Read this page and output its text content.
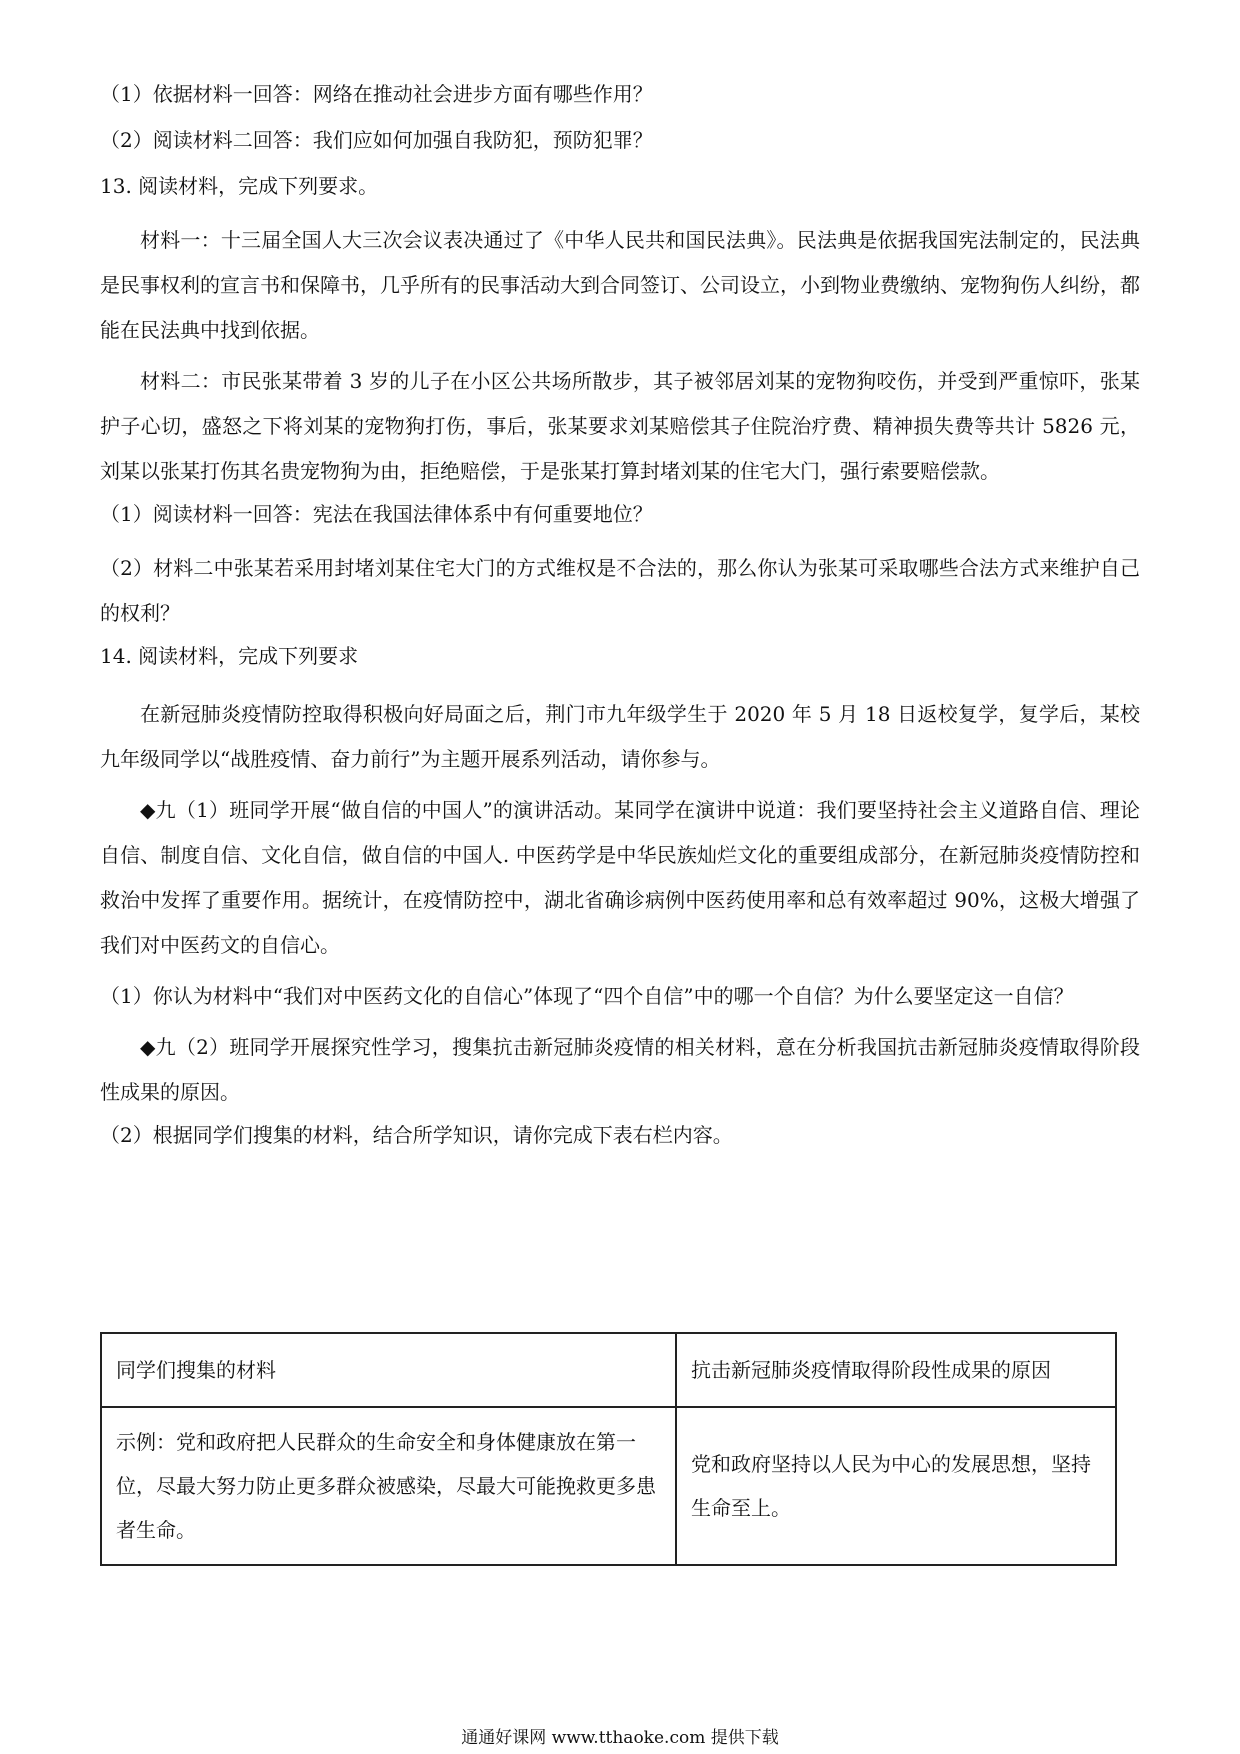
（1）依据材料一回答：网络在推动社会进步方面有哪些作用？

（2）阅读材料二回答：我们应如何加强自我防犯，预防犯罪？

13. 阅读材料，完成下列要求。

材料一：十三届全国人大三次会议表决通过了《中华人民共和国民法典》。民法典是依据我国宪法制定的，民法典是民事权利的宣言书和保障书，几乎所有的民事活动大到合同签订、公司设立，小到物业费缴纳、宠物狗伤人纠纷，都能在民法典中找到依据。

材料二：市民张某带着 3 岁的儿子在小区公共场所散步，其子被邻居刘某的宠物狗咬伤，并受到严重惊吓，张某护子心切，盛怒之下将刘某的宠物狗打伤，事后，张某要求刘某赔偿其子住院治疗费、精神损失费等共计 5826 元，刘某以张某打伤其名贵宠物狗为由，拒绝赔偿，于是张某打算封堵刘某的住宅大门，强行索要赔偿款。

（1）阅读材料一回答：宪法在我国法律体系中有何重要地位？

（2）材料二中张某若采用封堵刘某住宅大门的方式维权是不合法的，那么你认为张某可采取哪些合法方式来维护自己的权利？

14. 阅读材料，完成下列要求

在新冠肺炎疫情防控取得积极向好局面之后，荆门市九年级学生于 2020 年 5 月 18 日返校复学，复学后，某校九年级同学以“战胜疫情、奋力前行”为主题开展系列活动，请你参与。

◆九（1）班同学开展“做自信的中国人”的演讲活动。某同学在演讲中说道：我们要坚持社会主义道路自信、理论自信、制度自信、文化自信，做自信的中国人. 中医药学是中华民族灿烂文化的重要组成部分，在新冠肺炎疫情防控和救治中发挥了重要作用。据统计，在疫情防控中，湖北省确诊病例中医药使用率和总有效率超过 90%，这极大增强了我们对中医药文的自信心。

（1）你认为材料中“我们对中医药文化的自信心”体现了“四个自信”中的哪一个自信？为什么要坚定这一自信？

◆九（2）班同学开展探究性学习，搜集抗击新冠肺炎疫情的相关材料，意在分析我国抗击新冠肺炎疫情取得阶段性成果的原因。

（2）根据同学们搜集的材料，结合所学知识，请你完成下表右栏内容。

同学们搜集的材料	抗击新冠肺炎疫情取得阶段性成果的原因
示例：党和政府把人民群众的生命安全和身体健康放在第一位，尽最大努力防止更多群众被感染，尽最大可能挽救更多患者生命。	党和政府坚持以人民为中心的发展思想，坚持生命至上。
通通好课网 www.tthaoke.com 提供下载
